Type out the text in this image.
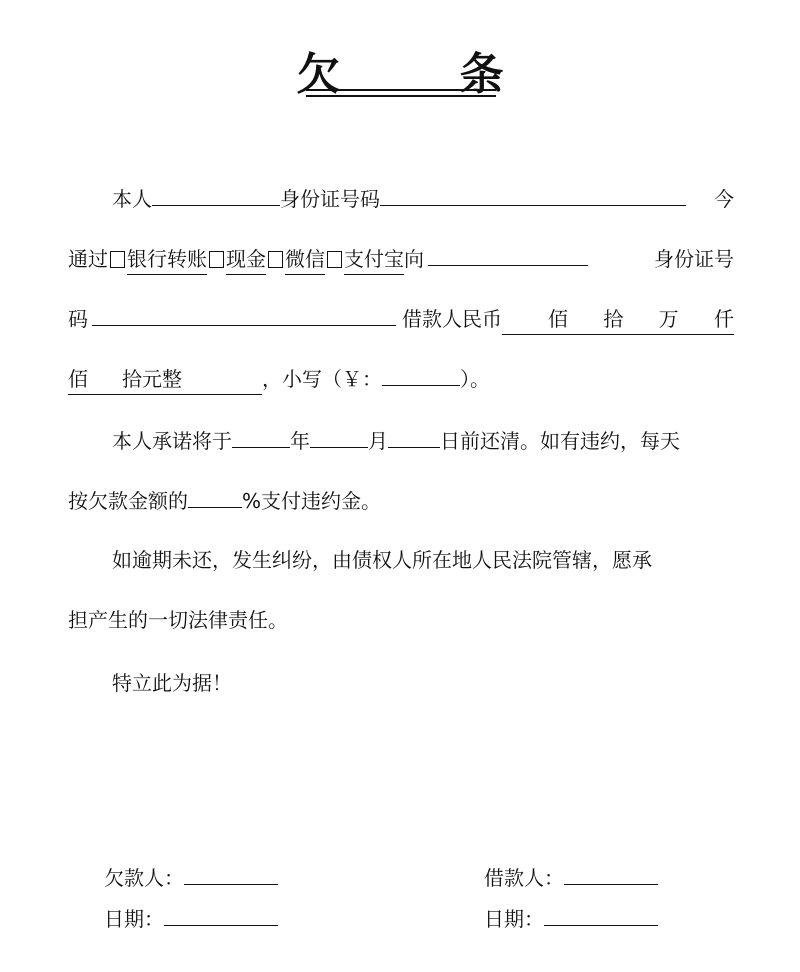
欠 条
本人	身份证号码	今
通过 银行转账 现金 微信 支付宝 向	身份证号
码	借款人民币 佰 拾 万 仟
佰 拾元整	，小写（￥：	）。
本人承诺将于	年	月	日前还清。如有违约，每天
按欠款金额的	%支付违约金。
如逾期未还，发生纠纷，由债权人所在地人民法院管辖，愿承
担产生的一切法律责任。
特立此为据！
欠款人：	借款人：
日期：	日期：
